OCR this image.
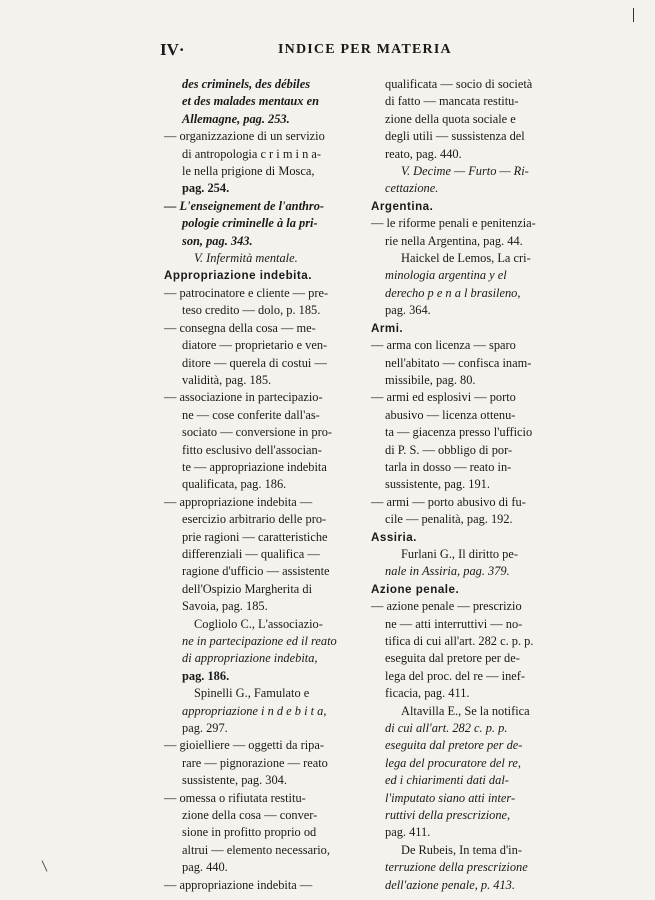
IV·	INDICE PER MATERIA
des criminels, des débiles
et des malades mentaux en
Allemagne, pag. 253.
— organizzazione di un servizio
di antropologia c r i m i n a-
le nella prigione di Mosca,
pag. 254.
— L'enseignement de l'anthro-
pologie criminelle à la pri-
son, pag. 343.
V. Infermità mentale.
Appropriazione indebita.
— patrocinatore e cliente — pre-
teso credito — dolo, p. 185.
— consegna della cosa — me-
diatore — proprietario e ven-
ditore — querela di costui —
validità, pag. 185.
— associazione in partecipazio-
ne — cose conferite dall'as-
sociato — conversione in pro-
fitto esclusivo dell'associan-
te — appropriazione indebita
qualificata, pag. 186.
— appropriazione indebita —
esercizio arbitrario delle pro-
prie ragioni — caratteristiche
differenziali — qualifica —
ragione d'ufficio — assistente
dell'Ospizio Margherita di
Savoia, pag. 185.
Cogliolo C., L'associazio-
ne in partecipazione ed il reato
di appropriazione indebita,
pag. 186.
Spinelli G., Famulato e
appropriazione i n d e b i t a,
pag. 297.
— gioielliere — oggetti da ripa-
rare — pignorazione — reato
sussistente, pag. 304.
— omessa o rifiutata restitu-
zione della cosa — conver-
sione in profitto proprio od
altrui — elemento necessario,
pag. 440.
— appropriazione indebita —
qualificata — socio di società
di fatto — mancata restitu-
zione della quota sociale e
degli utili — sussistenza del
reato, pag. 440.
V. Decime — Furto — Ri-
cettazione.
Argentina.
— le riforme penali e penitenzia-
rie nella Argentina, pag. 44.
Haickel de Lemos, La cri-
minologia argentina y el
derecho p e n a l brasileno,
pag. 364.
Armi.
— arma con licenza — sparo
nell'abitato — confisca inam-
missibile, pag. 80.
— armi ed esplosivi — porto
abusivo — licenza ottenu-
ta — giacenza presso l'ufficio
di P. S. — obbligo di por-
tarla in dosso — reato in-
sussistente, pag. 191.
— armi — porto abusivo di fu-
cile — penalità, pag. 192.
Assiria.
Furlani G., Il diritto pe-
nale in Assiria, pag. 379.
Azione penale.
— azione penale — prescrizio
ne — atti interruttivi — no-
tifica di cui all'art. 282 c. p. p.
eseguita dal pretore per de-
lega del proc. del re — inef-
ficacia, pag. 411.
Altavilla E., Se la notifica
di cui all'art. 282 c. p. p.
eseguita dal pretore per de-
lega del procuratore del re,
ed i chiarimenti dati dal-
l'imputato siano atti inter-
ruttivi della prescrizione,
pag. 411.
De Rubeis, In tema d'in-
terruzione della prescrizione
dell'azione penale, p. 413.
